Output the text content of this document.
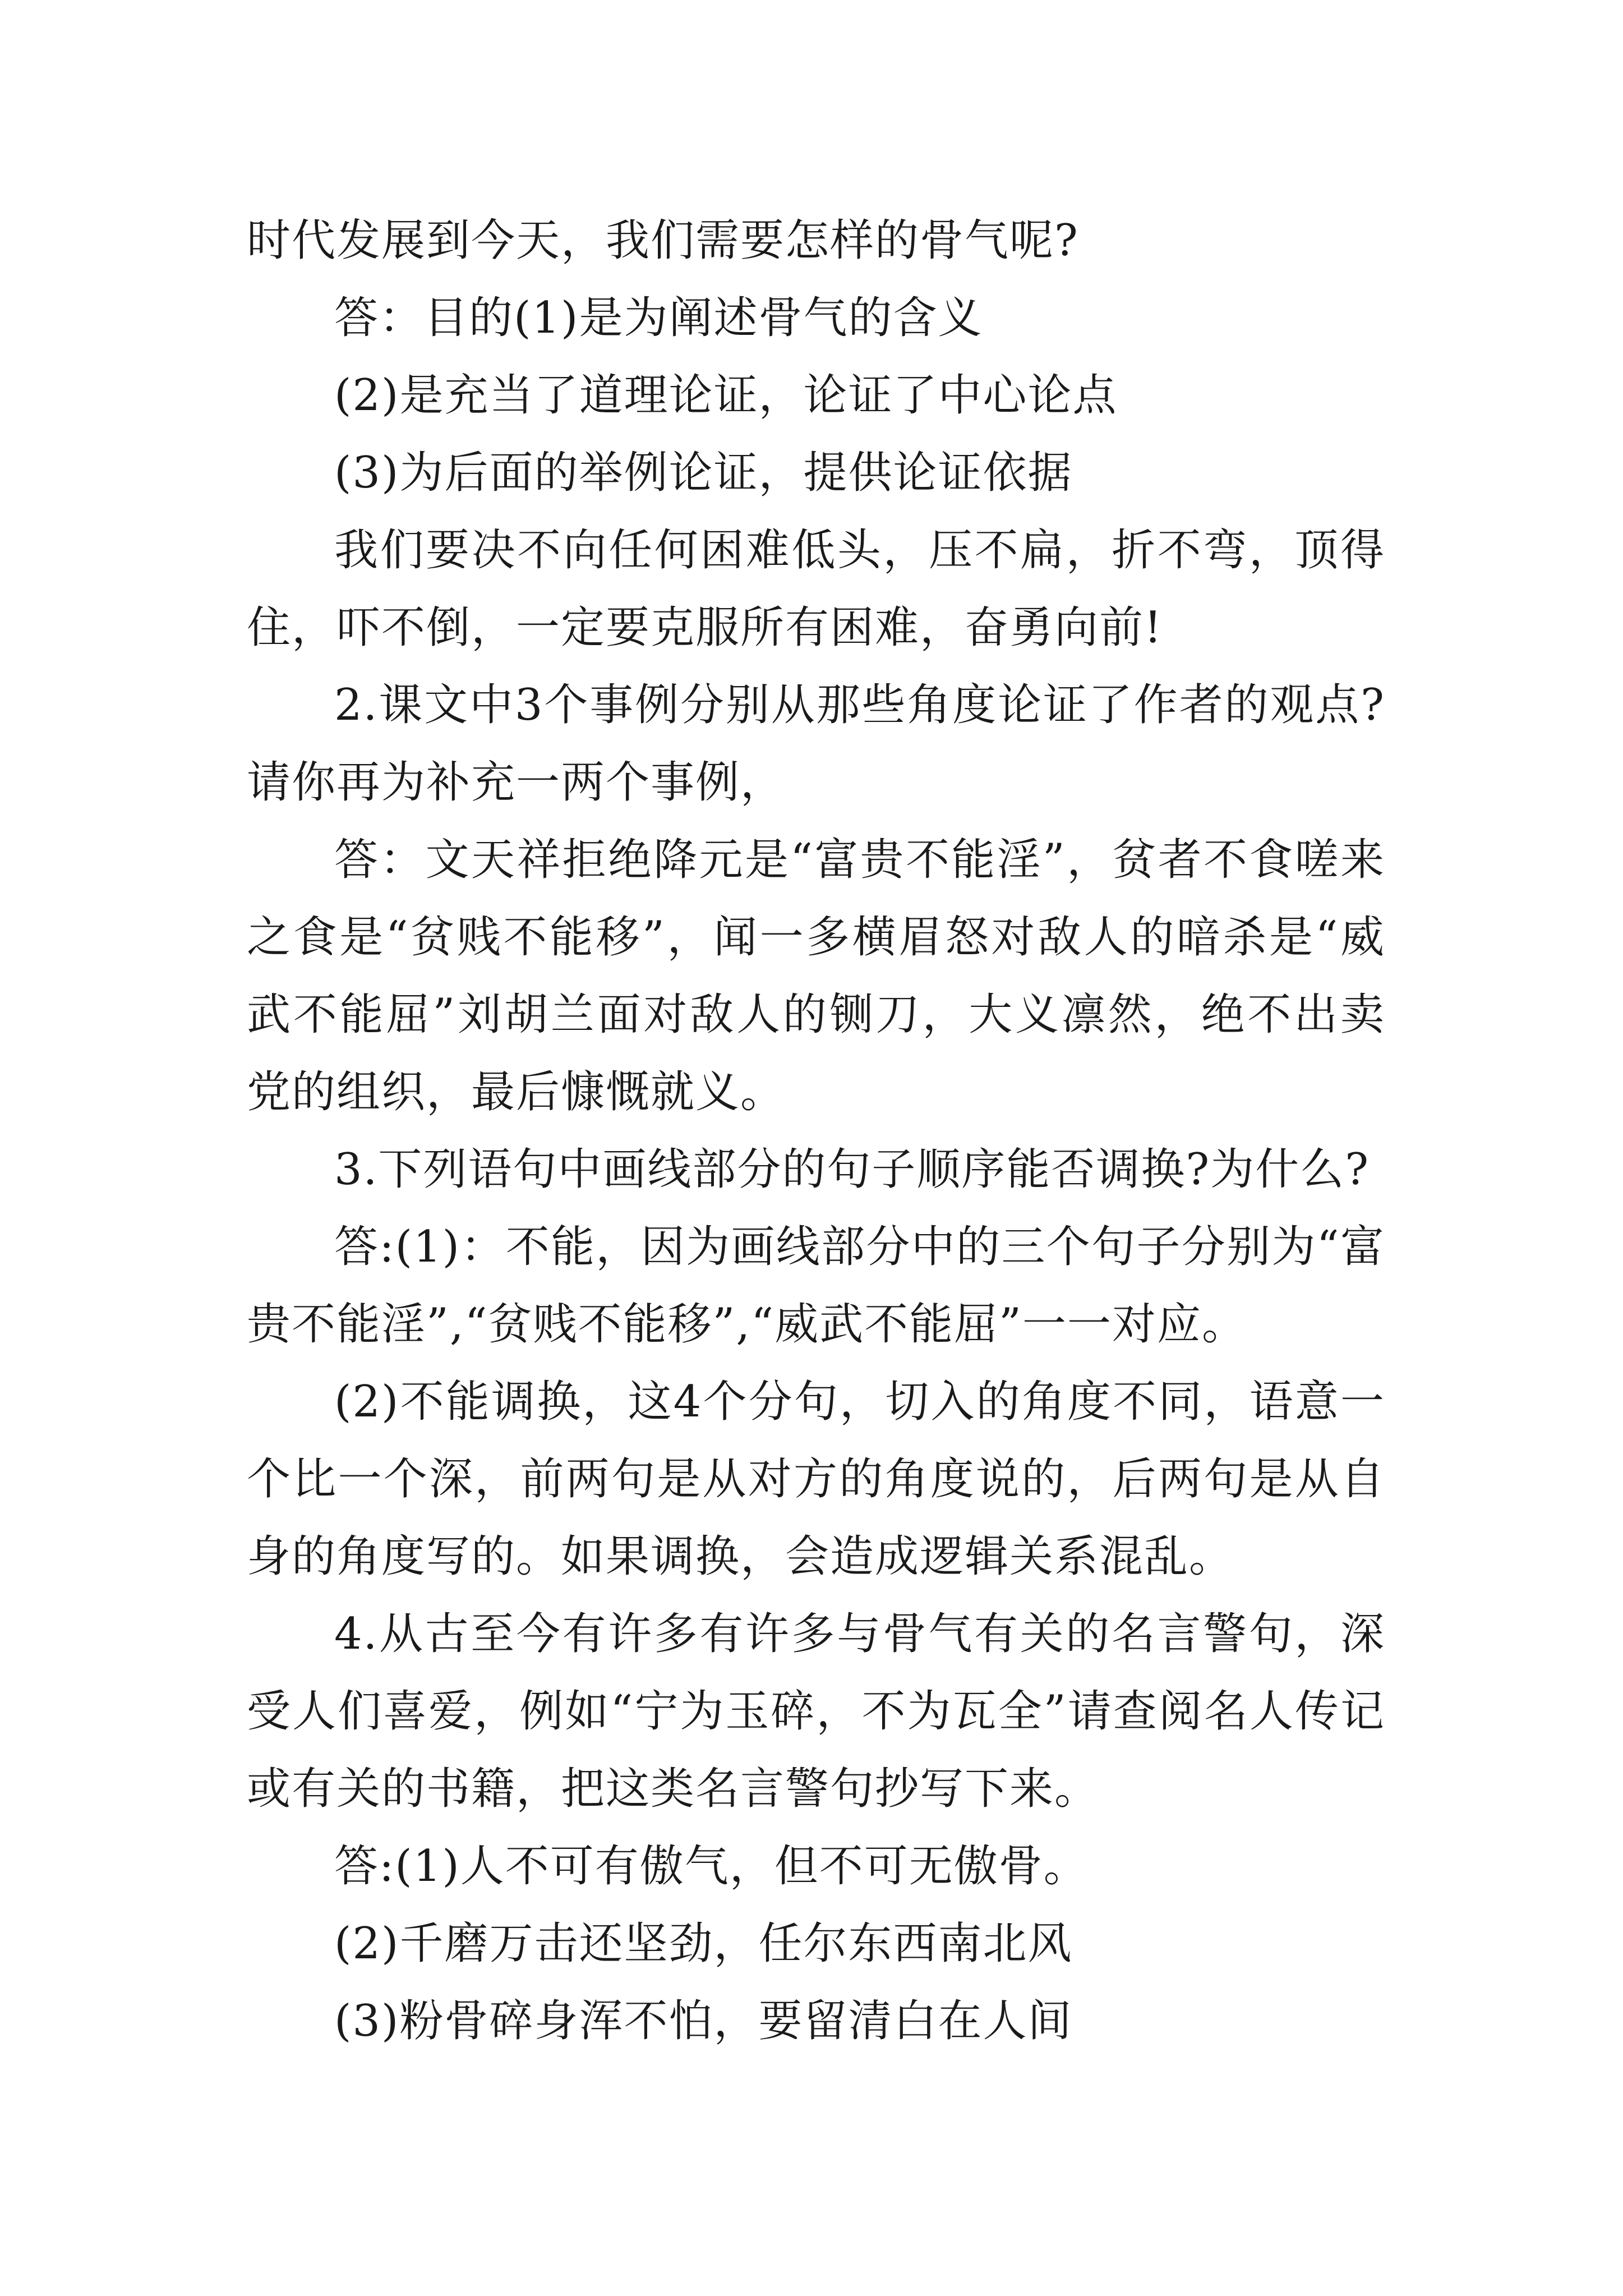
时代发展到今天，我们需要怎样的骨气呢?

答：目的(1)是为阐述骨气的含义

(2)是充当了道理论证，论证了中心论点

(3)为后面的举例论证，提供论证依据

我们要决不向任何困难低头，压不扁，折不弯，顶得住，吓不倒，一定要克服所有困难，奋勇向前!

2.课文中3个事例分别从那些角度论证了作者的观点?请你再为补充一两个事例，

答：文天祥拒绝降元是“富贵不能淫”，贫者不食嗟来之食是“贫贱不能移”，闻一多横眉怒对敌人的暗杀是“威武不能屈”刘胡兰面对敌人的铡刀，大义凛然，绝不出卖党的组织，最后慷慨就义。

3.下列语句中画线部分的句子顺序能否调换?为什么?

答:(1)：不能，因为画线部分中的三个句子分别为“富贵不能淫”,“贫贱不能移”,“威武不能屈”一一对应。

(2)不能调换，这4个分句，切入的角度不同，语意一个比一个深，前两句是从对方的角度说的，后两句是从自身的角度写的。如果调换，会造成逻辑关系混乱。

4.从古至今有许多有许多与骨气有关的名言警句，深受人们喜爱，例如“宁为玉碎，不为瓦全”请查阅名人传记或有关的书籍，把这类名言警句抄写下来。

答:(1)人不可有傲气，但不可无傲骨。

(2)千磨万击还坚劲，任尔东西南北风

(3)粉骨碎身浑不怕，要留清白在人间
